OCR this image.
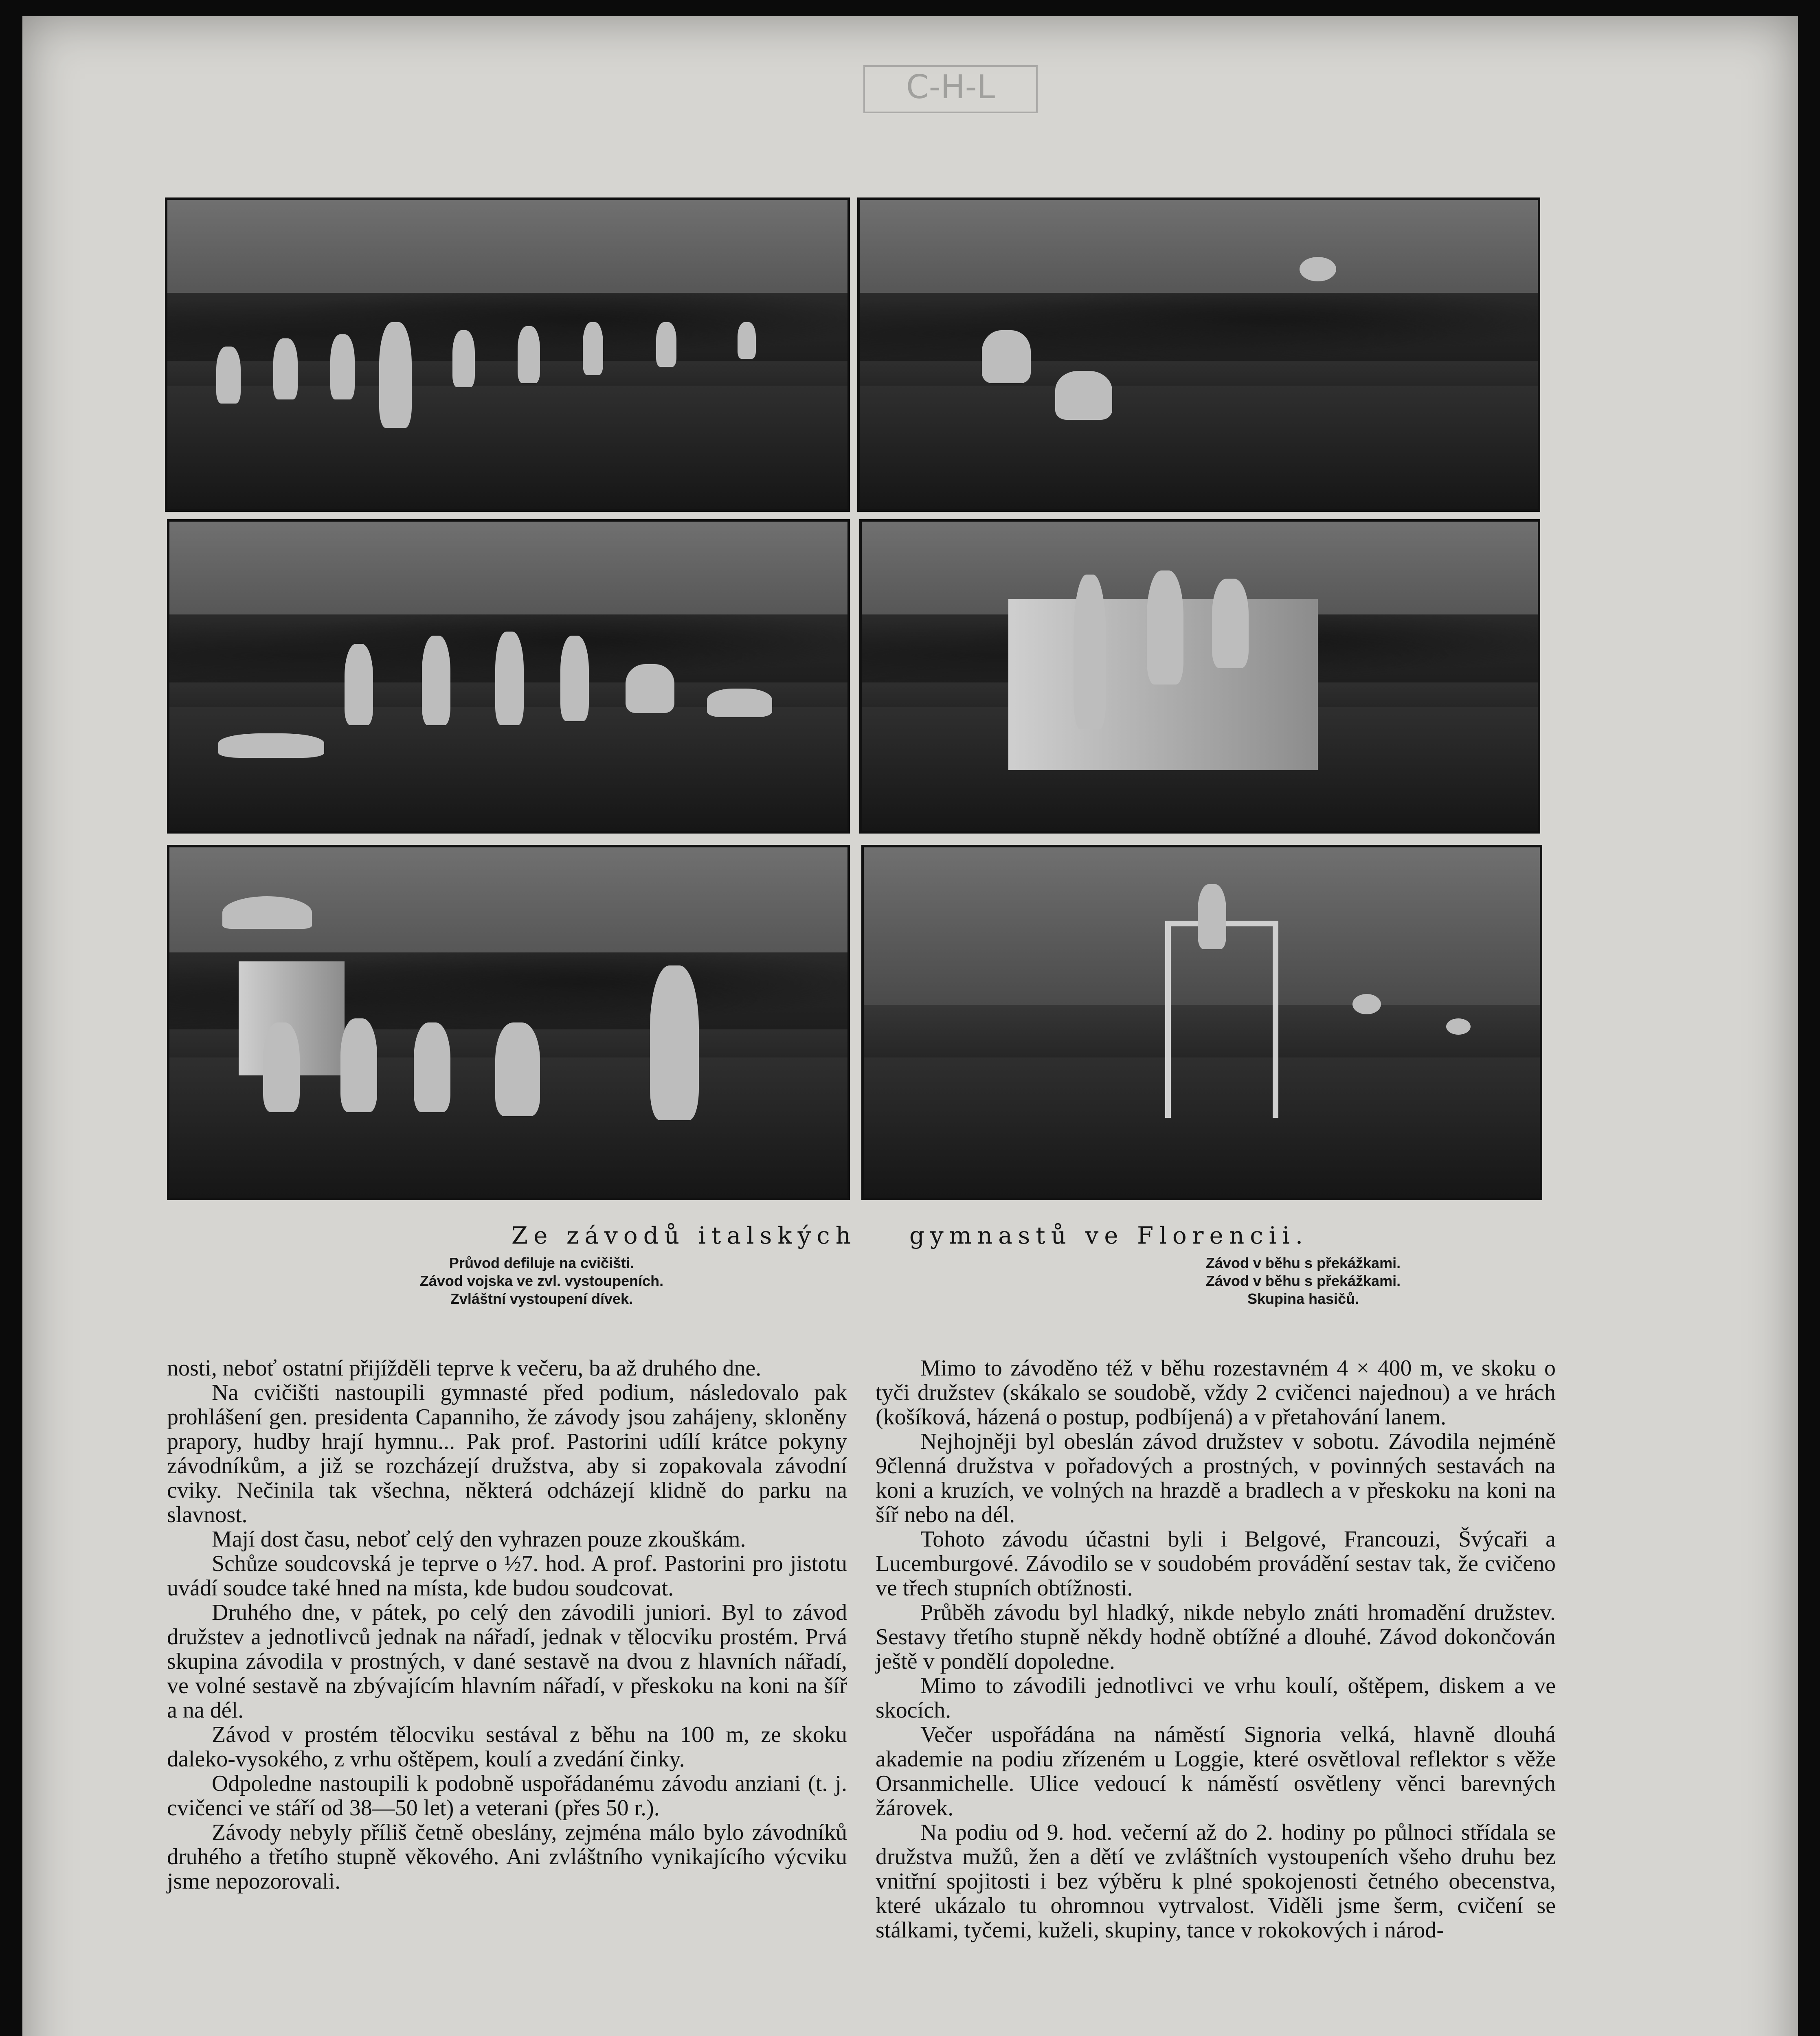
C-H-L
Ze závodů italských gymnastů ve Florencii.
Průvod defiluje na cvičišti.
Závod vojska ve zvl. vystoupeních.
Zvláštní vystoupení dívek.
Závod v běhu s překážkami.
Závod v běhu s překážkami.
Skupina hasičů.

nosti, neboť ostatní přijížděli teprve k večeru, ba až druhého dne.

Na cvičišti nastoupili gymnasté před podium, následovalo pak prohlášení gen. presidenta Capanniho, že závody jsou zahájeny, skloněny prapory, hudby hrají hymnu... Pak prof. Pastorini udílí krátce pokyny závodníkům, a již se rozcházejí družstva, aby si zopakovala závodní cviky. Nečinila tak všechna, některá odcházejí klidně do parku na slavnost.

Mají dost času, neboť celý den vyhrazen pouze zkouškám.

Schůze soudcovská je teprve o ½7. hod. A prof. Pastorini pro jistotu uvádí soudce také hned na místa, kde budou soudcovat.

Druhého dne, v pátek, po celý den závodili juniorі. Byl to závod družstev a jednotlivců jednak na nářadí, jednak v tělocviku prostém. Prvá skupina závodila v prostných, v dané sestavě na dvou z hlavních nářadí, ve volné sestavě na zbývajícím hlavním nářadí, v přeskoku na koni na šíř a na dél.

Závod v prostém tělocviku sestával z běhu na 100 m, ze skoku daleko-vysokého, z vrhu oštěpem, koulí a zvedání činky.

Odpoledne nastoupili k podobně uspořádanému závodu anziani (t. j. cvičenci ve stáří od 38—50 let) a veterani (přes 50 r.).

Závody nebyly příliš četně obeslány, zejména málo bylo závodníků druhého a třetího stupně věkového. Ani zvláštního vynikajícího výcviku jsme nepozorovali.

Mimo to závoděno též v běhu rozestavném 4 × 400 m, ve skoku o tyči družstev (skákalo se soudobě, vždy 2 cvičenci najednou) a ve hrách (košíková, házená o postup, podbíjená) a v přetahování lanem.

Nejhojněji byl obeslán závod družstev v sobotu. Závodila nejméně 9členná družstva v pořadových a prostných, v povinných sestavách na koni a kruzích, ve volných na hrazdě a bradlech a v přeskoku na koni na šíř nebo na dél.

Tohoto závodu účastni byli i Belgové, Francouzi, Švýcaři a Lucemburgové. Závodilo se v soudobém provádění sestav tak, že cvičeno ve třech stupních obtížnosti.

Průběh závodu byl hladký, nikde nebylo znáti hromadění družstev. Sestavy třetího stupně někdy hodně obtížné a dlouhé. Závod dokončován ještě v pondělí dopoledne.

Mimo to závodili jednotlivci ve vrhu koulí, oštěpem, diskem a ve skocích.

Večer uspořádána na náměstí Signoria velká, hlavně dlouhá akademie na podiu zřízeném u Loggie, které osvětloval reflektor s věže Orsanmichelle. Ulice vedoucí k náměstí osvětleny věnci barevných žárovek.

Na podiu od 9. hod. večerní až do 2. hodiny po půlnoci střídala se družstva mužů, žen a dětí ve zvláštních vystoupeních všeho druhu bez vnitřní spojitosti i bez výběru k plné spokojenosti četného obecenstva, které ukázalo tu ohromnou vytrvalost. Viděli jsme šerm, cvičení se stálkami, tyčemi, kuželi, skupiny, tance v rokokových i národ-
